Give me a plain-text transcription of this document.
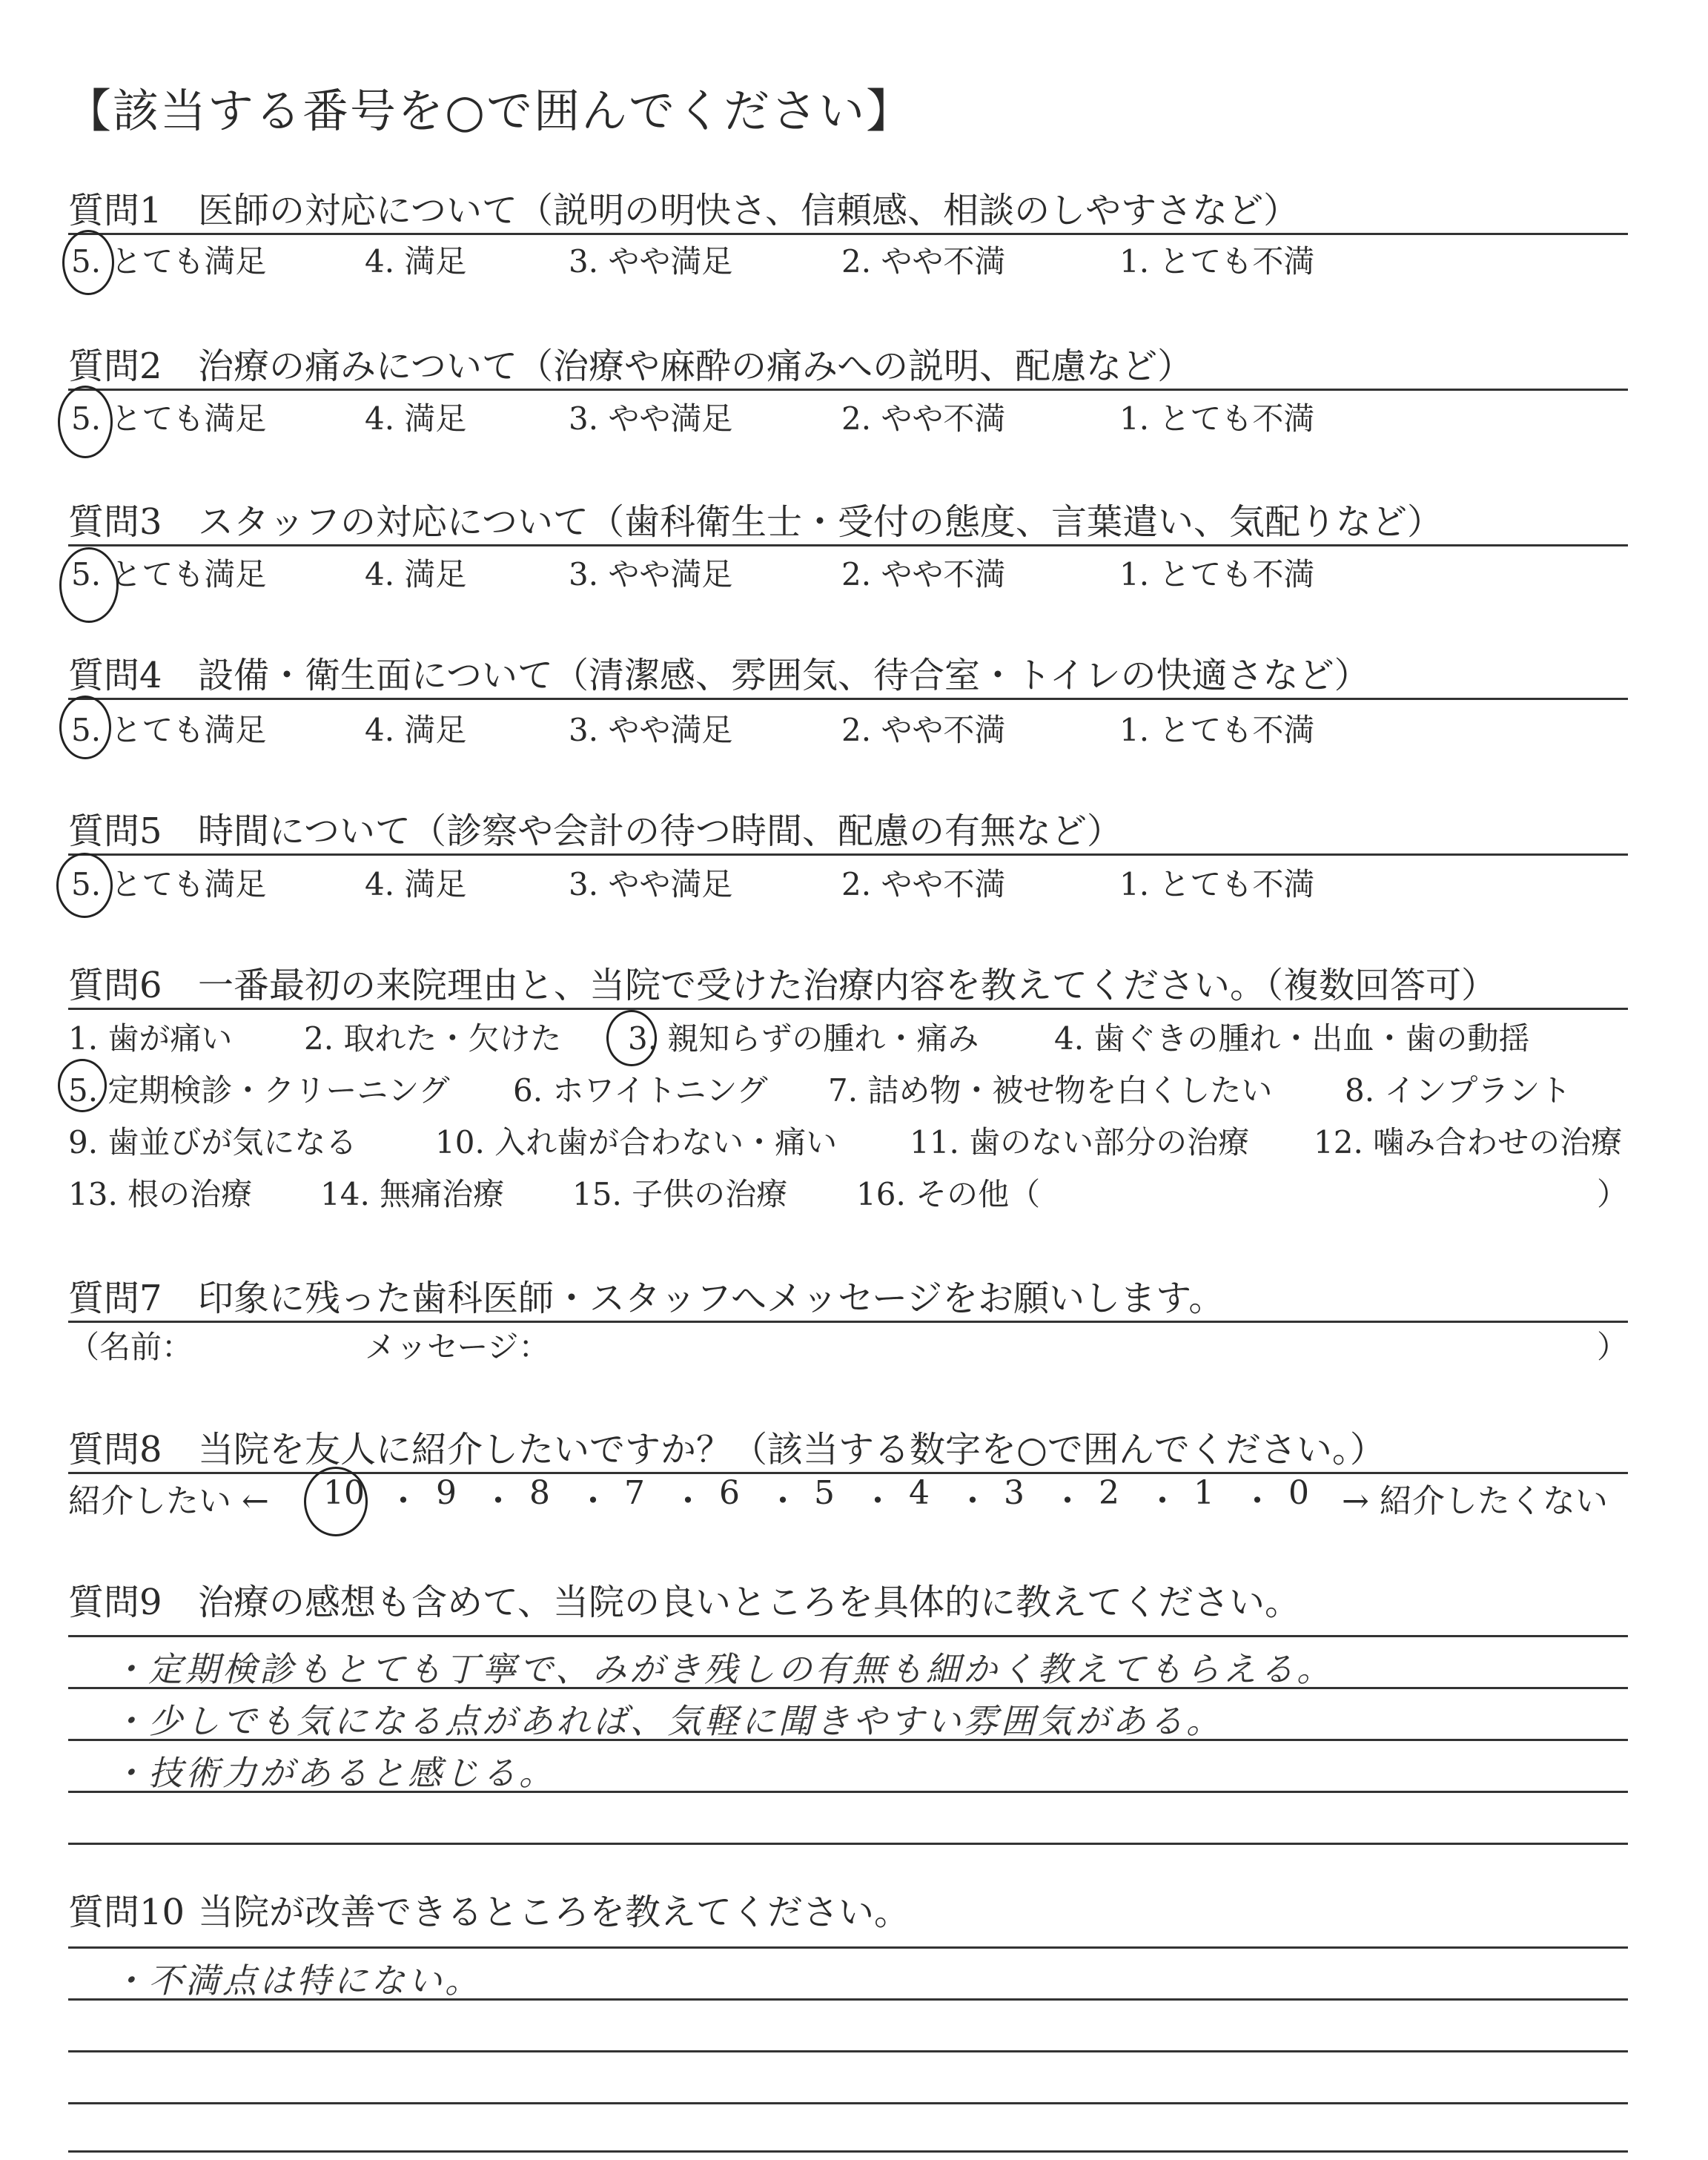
【該当する番号を○で囲んでください】
質問1 医師の対応について（説明の明快さ、信頼感、相談のしやすさなど）
5. とても満足	4. 満足	3. やや満足	2. やや不満	1. とても不満
質問2 治療の痛みについて（治療や麻酔の痛みへの説明、配慮など）
5. とても満足	4. 満足	3. やや満足	2. やや不満	1. とても不満
質問3 スタッフの対応について（歯科衛生士・受付の態度、言葉遣い、気配りなど）
5. とても満足	4. 満足	3. やや満足	2. やや不満	1. とても不満
質問4 設備・衛生面について（清潔感、雰囲気、待合室・トイレの快適さなど）
5. とても満足	4. 満足	3. やや満足	2. やや不満	1. とても不満
質問5 時間について（診察や会計の待つ時間、配慮の有無など）
5. とても満足	4. 満足	3. やや満足	2. やや不満	1. とても不満
質問6 一番最初の来院理由と、当院で受けた治療内容を教えてください。（複数回答可）
1. 歯が痛い 2. 取れた・欠けた 3. 親知らずの腫れ・痛み 4. 歯ぐきの腫れ・出血・歯の動揺
5. 定期検診・クリーニング 6. ホワイトニング 7. 詰め物・被せ物を白くしたい 8. インプラント
9. 歯並びが気になる	10. 入れ歯が合わない・痛い 11. 歯のない部分の治療 12. 噛み合わせの治療
13. 根の治療 14. 無痛治療 15. 子供の治療 16. その他（	）
質問7 印象に残った歯科医師・スタッフへメッセージをお願いします。
（名前：	メッセージ：	）
質問8 当院を友人に紹介したいですか？（該当する数字を○で囲んでください。）
紹介したい ← 10 ・ 9 ・ 8 ・ 7 ・ 6 ・ 5 ・ 4 ・ 3 ・ 2 ・ 1 ・ 0 → 紹介したくない
質問9 治療の感想も含めて、当院の良いところを具体的に教えてください。
・定期検診もとても丁寧で、みがき残しの有無も細かく教えてもらえる。
・少しでも気になる点があれば、気軽に聞きやすい雰囲気がある。
・技術力があると感じる。
質問10 当院が改善できるところを教えてください。
・不満点は特にない。
